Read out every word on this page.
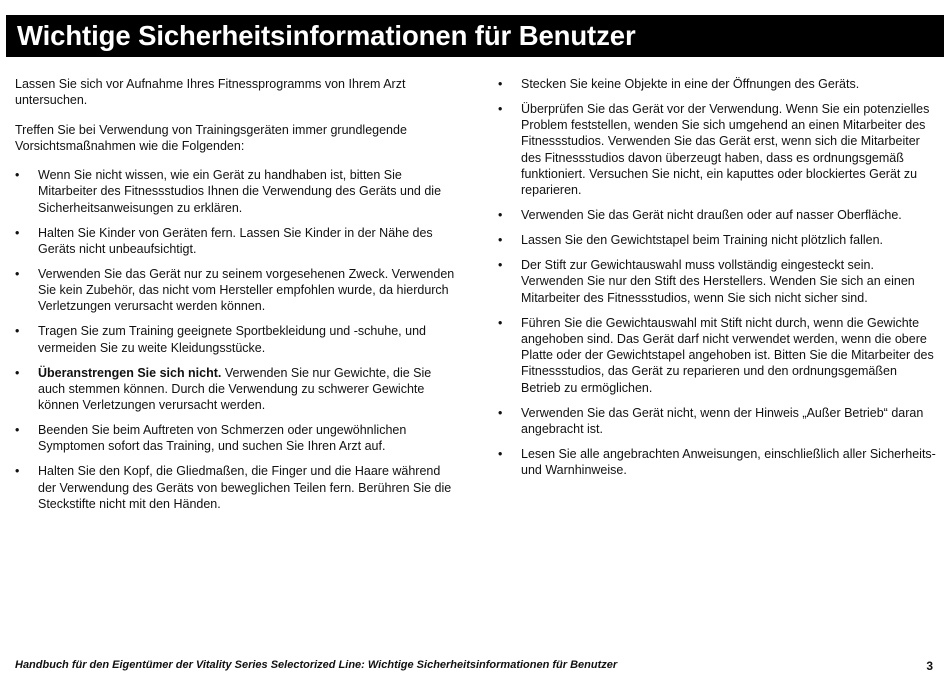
Wichtige Sicherheitsinformationen für Benutzer

Lassen Sie sich vor Aufnahme Ihres Fitnessprogramms von Ihrem Arzt untersuchen.

Treffen Sie bei Verwendung von Trainingsgeräten immer grundlegende Vorsichtsmaßnahmen wie die Folgenden:

•	Wenn Sie nicht wissen, wie ein Gerät zu handhaben ist, bitten Sie Mitarbeiter des Fitnessstudios Ihnen die Verwendung des Geräts und die Sicherheitsanweisungen zu erklären.
•	Halten Sie Kinder von Geräten fern. Lassen Sie Kinder in der Nähe des Geräts nicht unbeaufsichtigt.
•	Verwenden Sie das Gerät nur zu seinem vorgesehenen Zweck. Verwenden Sie kein Zubehör, das nicht vom Hersteller empfohlen wurde, da hierdurch Verletzungen verursacht werden können.
•	Tragen Sie zum Training geeignete Sportbekleidung und -schuhe, und vermeiden Sie zu weite Kleidungsstücke.
•	Überanstrengen Sie sich nicht. Verwenden Sie nur Gewichte, die Sie auch stemmen können. Durch die Verwendung zu schwerer Gewichte können Verletzungen verursacht werden.
•	Beenden Sie beim Auftreten von Schmerzen oder ungewöhnlichen Symptomen sofort das Training, und suchen Sie Ihren Arzt auf.
•	Halten Sie den Kopf, die Gliedmaßen, die Finger und die Haare während der Verwendung des Geräts von beweglichen Teilen fern. Berühren Sie die Steckstifte nicht mit den Händen.
•	Stecken Sie keine Objekte in eine der Öffnungen des Geräts.
•	Überprüfen Sie das Gerät vor der Verwendung. Wenn Sie ein potenzielles Problem feststellen, wenden Sie sich umgehend an einen Mitarbeiter des Fitnessstudios. Verwenden Sie das Gerät erst, wenn sich die Mitarbeiter des Fitnessstudios davon überzeugt haben, dass es ordnungsgemäß funktioniert. Versuchen Sie nicht, ein kaputtes oder blockiertes Gerät zu reparieren.
•	Verwenden Sie das Gerät nicht draußen oder auf nasser Oberfläche.
•	Lassen Sie den Gewichtstapel beim Training nicht plötzlich fallen.
•	Der Stift zur Gewichtauswahl muss vollständig eingesteckt sein. Verwenden Sie nur den Stift des Herstellers. Wenden Sie sich an einen Mitarbeiter des Fitnessstudios, wenn Sie sich nicht sicher sind.
•	Führen Sie die Gewichtauswahl mit Stift nicht durch, wenn die Gewichte angehoben sind. Das Gerät darf nicht verwendet werden, wenn die obere Platte oder der Gewichtstapel angehoben ist. Bitten Sie die Mitarbeiter des Fitnessstudios, das Gerät zu reparieren und den ordnungsgemäßen Betrieb zu ermöglichen.
•	Verwenden Sie das Gerät nicht, wenn der Hinweis „Außer Betrieb“ daran angebracht ist.
•	Lesen Sie alle angebrachten Anweisungen, einschließlich aller Sicherheits- und Warnhinweise.
Handbuch für den Eigentümer der Vitality Series Selectorized Line: Wichtige Sicherheitsinformationen für Benutzer	3
